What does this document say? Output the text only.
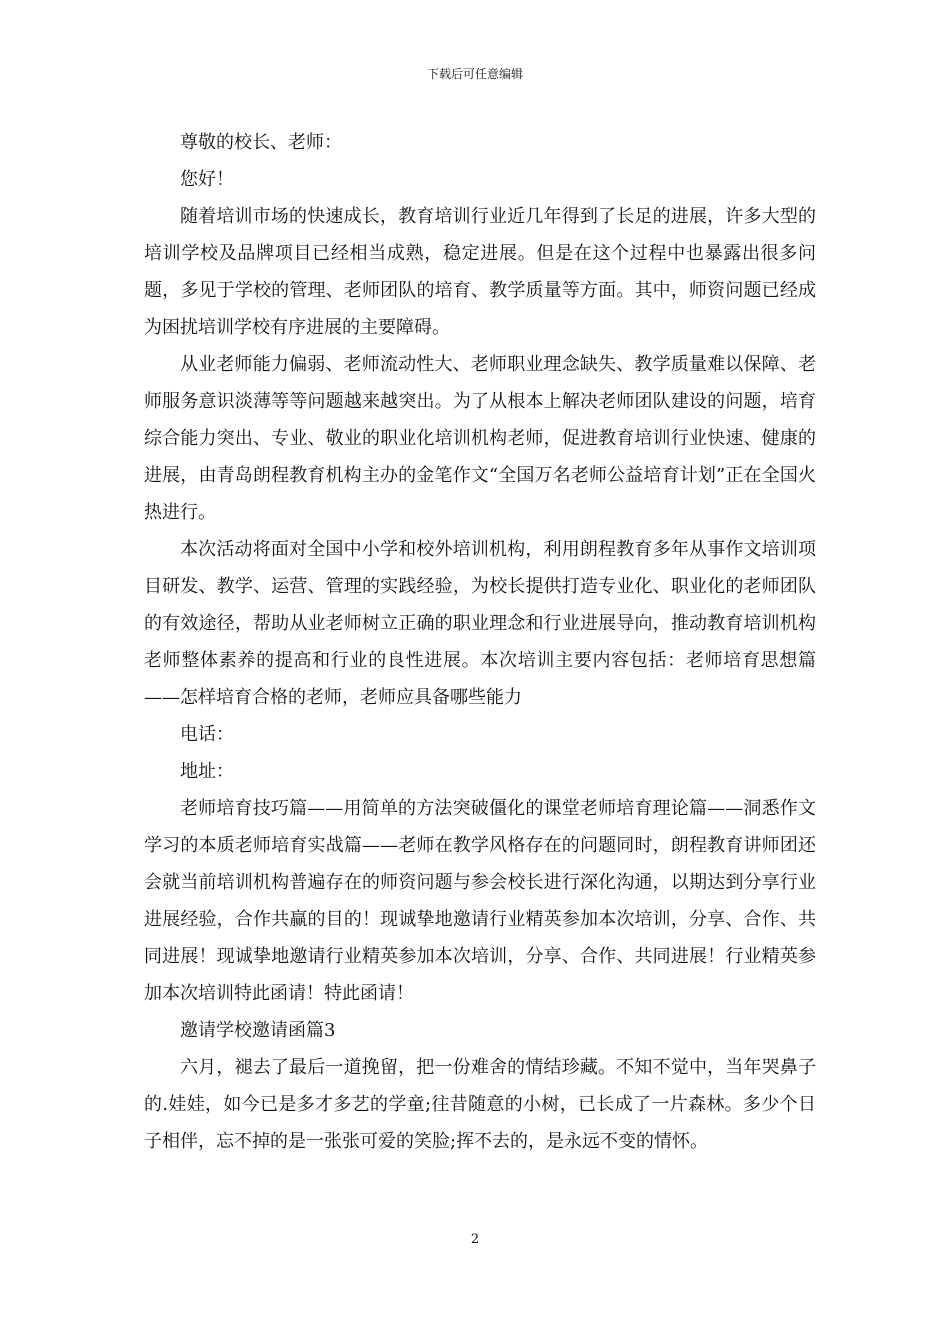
下载后可任意编辑

尊敬的校长、老师：

您好！

随着培训市场的快速成长，教育培训行业近几年得到了长足的进展，许多大型的培训学校及品牌项目已经相当成熟，稳定进展。但是在这个过程中也暴露出很多问题，多见于学校的管理、老师团队的培育、教学质量等方面。其中，师资问题已经成为困扰培训学校有序进展的主要障碍。

从业老师能力偏弱、老师流动性大、老师职业理念缺失、教学质量难以保障、老师服务意识淡薄等等问题越来越突出。为了从根本上解决老师团队建设的问题，培育综合能力突出、专业、敬业的职业化培训机构老师，促进教育培训行业快速、健康的进展，由青岛朗程教育机构主办的金笔作文“全国万名老师公益培育计划”正在全国火热进行。

本次活动将面对全国中小学和校外培训机构，利用朗程教育多年从事作文培训项目研发、教学、运营、管理的实践经验，为校长提供打造专业化、职业化的老师团队的有效途径，帮助从业老师树立正确的职业理念和行业进展导向，推动教育培训机构老师整体素养的提高和行业的良性进展。本次培训主要内容包括：老师培育思想篇——怎样培育合格的老师，老师应具备哪些能力

电话：

地址：

老师培育技巧篇——用简单的方法突破僵化的课堂老师培育理论篇——洞悉作文学习的本质老师培育实战篇——老师在教学风格存在的问题同时，朗程教育讲师团还会就当前培训机构普遍存在的师资问题与参会校长进行深化沟通，以期达到分享行业进展经验，合作共赢的目的！现诚挚地邀请行业精英参加本次培训，分享、合作、共同进展！现诚挚地邀请行业精英参加本次培训，分享、合作、共同进展！行业精英参加本次培训特此函请！特此函请！

邀请学校邀请函篇3

六月，褪去了最后一道挽留，把一份难舍的情结珍藏。不知不觉中，当年哭鼻子的.娃娃，如今已是多才多艺的学童;往昔随意的小树，已长成了一片森林。多少个日子相伴，忘不掉的是一张张可爱的笑脸;挥不去的，是永远不变的情怀。

2
